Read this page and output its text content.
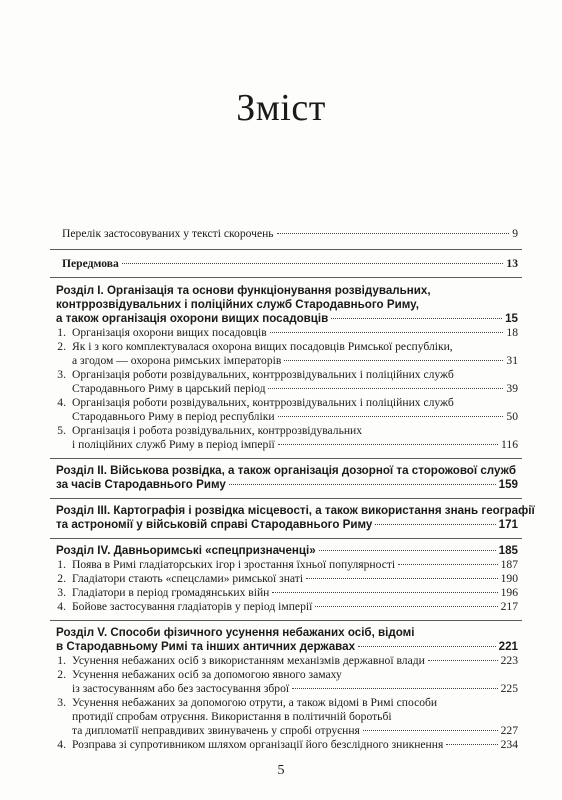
Зміст
Перелік застосовуваних у тексті скорочень	9
Передмова	13
Розділ І. Організація та основи функціонування розвідувальних,
контррозвідувальних і поліційних служб Стародавнього Риму,
а також організація охорони вищих посадовців	15
1. Організація охорони вищих посадовців	18
2. Як і з кого комплектувалася охорона вищих посадовців Римської республіки,
а згодом — охорона римських імператорів	31
3. Організація роботи розвідувальних, контррозвідувальних і поліційних служб
Стародавнього Риму в царський період	39
4. Організація роботи розвідувальних, контррозвідувальних і поліційних служб
Стародавнього Риму в період республіки	50
5. Організація і робота розвідувальних, контррозвідувальних
і поліційних служб Риму в період імперії	116
Розділ II. Військова розвідка, а також організація дозорної та сторожової служб
за часів Стародавнього Риму	159
Розділ III. Картографія і розвідка місцевості, а також використання знань географії
та астрономії у військовій справі Стародавнього Риму	171
Розділ IV. Давньоримські «спецпризначенці»	185
1. Поява в Римі гладіаторських ігор і зростання їхньої популярності	187
2. Гладіатори стають «спецслами» римської знаті	190
3. Гладіатори в період громадянських війн	196
4. Бойове застосування гладіаторів у період імперії	217
Розділ V. Способи фізичного усунення небажаних осіб, відомі
в Стародавньому Римі та інших античних державах	221
1. Усунення небажаних осіб з використанням механізмів державної влади	223
2. Усунення небажаних осіб за допомогою явного замаху
із застосуванням або без застосування зброї	225
3. Усунення небажаних за допомогою отрути, а також відомі в Римі способи
протидії спробам отруєння. Використання в політичній боротьбі
та дипломатії неправдивих звинувачень у спробі отруєння	227
4. Розправа зі супротивником шляхом організації його безслідного зникнення	234
5
